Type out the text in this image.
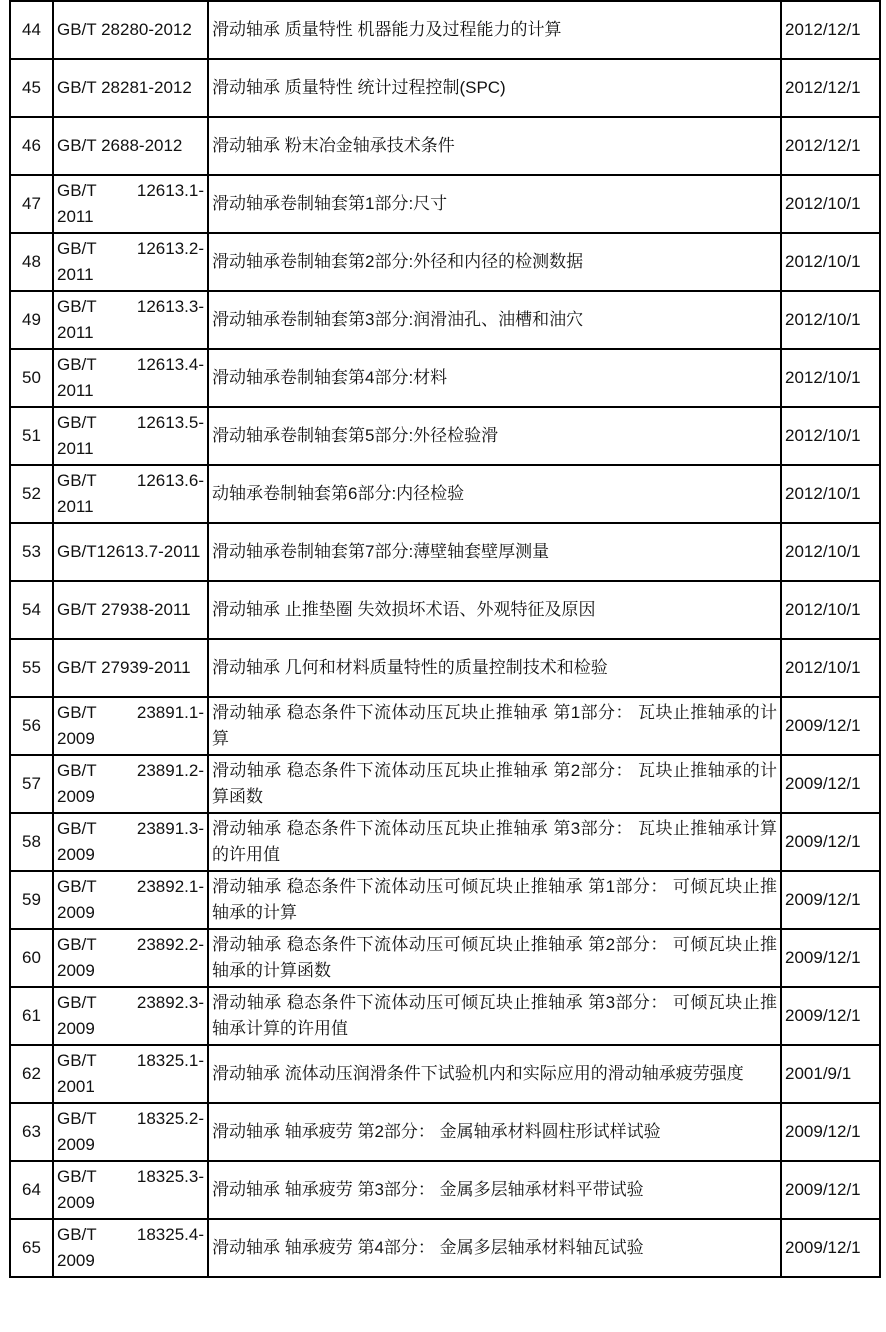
44	GB/T 28280-2012	滑动轴承 质量特性 机器能力及过程能力的计算	2012/12/1
45	GB/T 28281-2012	滑动轴承 质量特性 统计过程控制(SPC)	2012/12/1
46	GB/T 2688-2012	滑动轴承 粉末冶金轴承技术条件	2012/12/1
47	GB/T 12613.1-2011	滑动轴承卷制轴套第1部分:尺寸	2012/10/1
48	GB/T 12613.2-2011	滑动轴承卷制轴套第2部分:外径和内径的检测数据	2012/10/1
49	GB/T 12613.3-2011	滑动轴承卷制轴套第3部分:润滑油孔、油槽和油穴	2012/10/1
50	GB/T 12613.4-2011	滑动轴承卷制轴套第4部分:材料	2012/10/1
51	GB/T 12613.5-2011	滑动轴承卷制轴套第5部分:外径检验滑	2012/10/1
52	GB/T 12613.6-2011	动轴承卷制轴套第6部分:内径检验	2012/10/1
53	GB/T12613.7-2011	滑动轴承卷制轴套第7部分:薄壁轴套壁厚测量	2012/10/1
54	GB/T 27938-2011	滑动轴承 止推垫圈 失效损坏术语、外观特征及原因	2012/10/1
55	GB/T 27939-2011	滑动轴承 几何和材料质量特性的质量控制技术和检验	2012/10/1
56	GB/T 23891.1-2009	滑动轴承 稳态条件下流体动压瓦块止推轴承 第1部分： 瓦块止推轴承的计算	2009/12/1
57	GB/T 23891.2-2009	滑动轴承 稳态条件下流体动压瓦块止推轴承 第2部分： 瓦块止推轴承的计算函数	2009/12/1
58	GB/T 23891.3-2009	滑动轴承 稳态条件下流体动压瓦块止推轴承 第3部分： 瓦块止推轴承计算的许用值	2009/12/1
59	GB/T 23892.1-2009	滑动轴承 稳态条件下流体动压可倾瓦块止推轴承 第1部分： 可倾瓦块止推轴承的计算	2009/12/1
60	GB/T 23892.2-2009	滑动轴承 稳态条件下流体动压可倾瓦块止推轴承 第2部分： 可倾瓦块止推轴承的计算函数	2009/12/1
61	GB/T 23892.3-2009	滑动轴承 稳态条件下流体动压可倾瓦块止推轴承 第3部分： 可倾瓦块止推轴承计算的许用值	2009/12/1
62	GB/T 18325.1-2001	滑动轴承 流体动压润滑条件下试验机内和实际应用的滑动轴承疲劳强度	2001/9/1
63	GB/T 18325.2-2009	滑动轴承 轴承疲劳 第2部分： 金属轴承材料圆柱形试样试验	2009/12/1
64	GB/T 18325.3-2009	滑动轴承 轴承疲劳 第3部分： 金属多层轴承材料平带试验	2009/12/1
65	GB/T 18325.4-2009	滑动轴承 轴承疲劳 第4部分： 金属多层轴承材料轴瓦试验	2009/12/1
